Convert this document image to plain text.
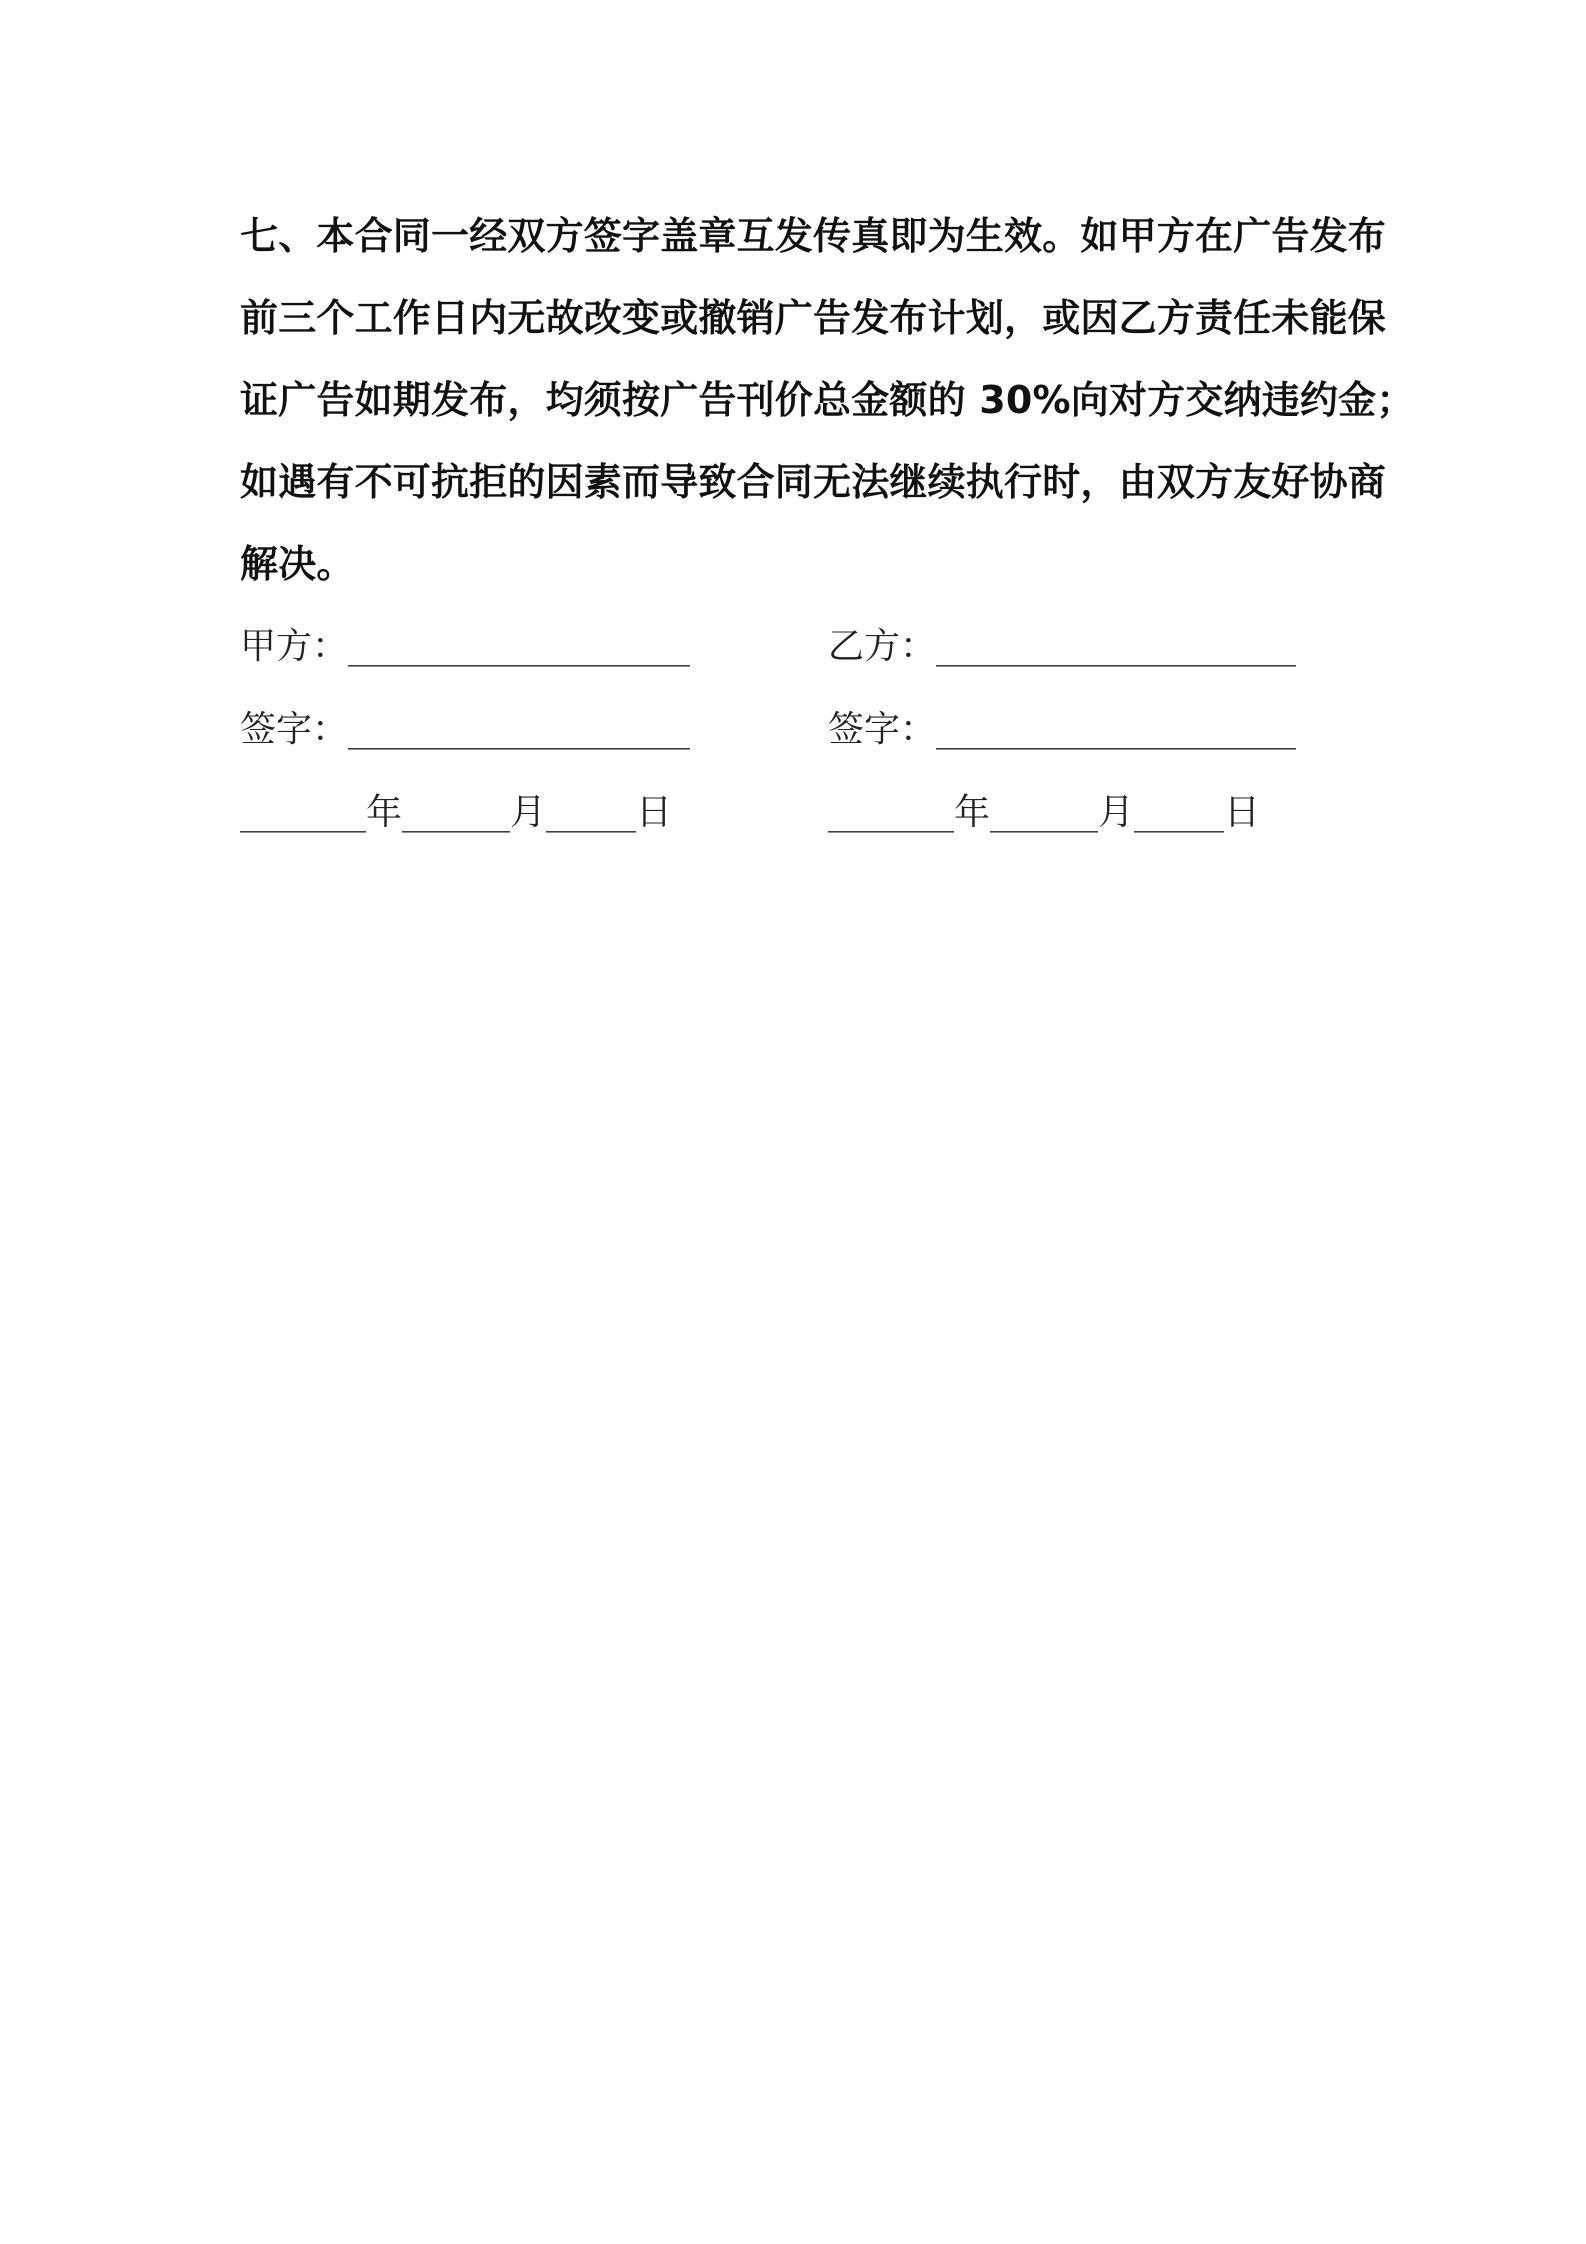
七、本合同一经双方签字盖章互发传真即为生效。如甲方在广告发布
前三个工作日内无故改变或撤销广告发布计划，或因乙方责任未能保
证广告如期发布，均须按广告刊价总金额的 30%向对方交纳违约金；
如遇有不可抗拒的因素而导致合同无法继续执行时，由双方友好协商
解决。
甲方：___________________	乙方：____________________
签字：___________________	签字：____________________
_______年______月_____日	_______年______月_____日
